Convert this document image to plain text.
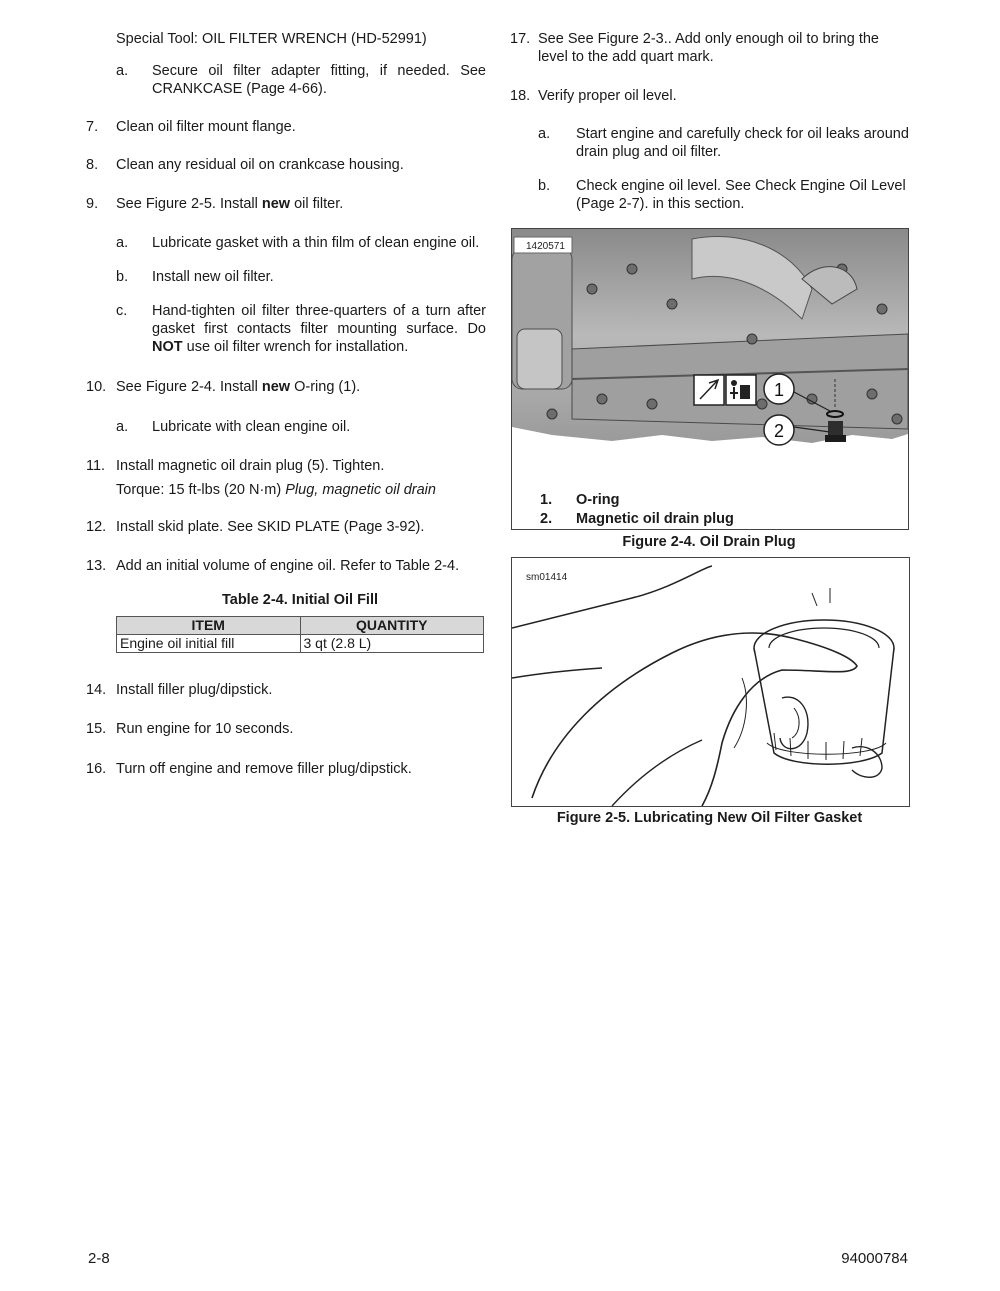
Special Tool: OIL FILTER WRENCH (HD-52991)

a. Secure oil filter adapter fitting, if needed. See CRANKCASE (Page 4-66).

7. Clean oil filter mount flange.

8. Clean any residual oil on crankcase housing.

9. See Figure 2-5. Install new oil filter.

a. Lubricate gasket with a thin film of clean engine oil.

b. Install new oil filter.

c. Hand-tighten oil filter three-quarters of a turn after gasket first contacts filter mounting surface. Do NOT use oil filter wrench for installation.

10. See Figure 2-4. Install new O-ring (1).

a. Lubricate with clean engine oil.

11. Install magnetic oil drain plug (5). Tighten.

Torque: 15 ft-lbs (20 N·m) Plug, magnetic oil drain

12. Install skid plate. See SKID PLATE (Page 3-92).

13. Add an initial volume of engine oil. Refer to Table 2-4.

Table 2-4. Initial Oil Fill
ITEM	QUANTITY
Engine oil initial fill	3 qt (2.8 L)

14. Install filler plug/dipstick.

15. Run engine for 10 seconds.

16. Turn off engine and remove filler plug/dipstick.

17. See See Figure 2-3.. Add only enough oil to bring the level to the add quart mark.

18. Verify proper oil level.

a. Start engine and carefully check for oil leaks around drain plug and oil filter.

b. Check engine oil level. See Check Engine Oil Level (Page 2-7). in this section.

1420571
1
2
1. O-ring
2. Magnetic oil drain plug
Figure 2-4. Oil Drain Plug
sm01414
Figure 2-5. Lubricating New Oil Filter Gasket
2-8	94000784
